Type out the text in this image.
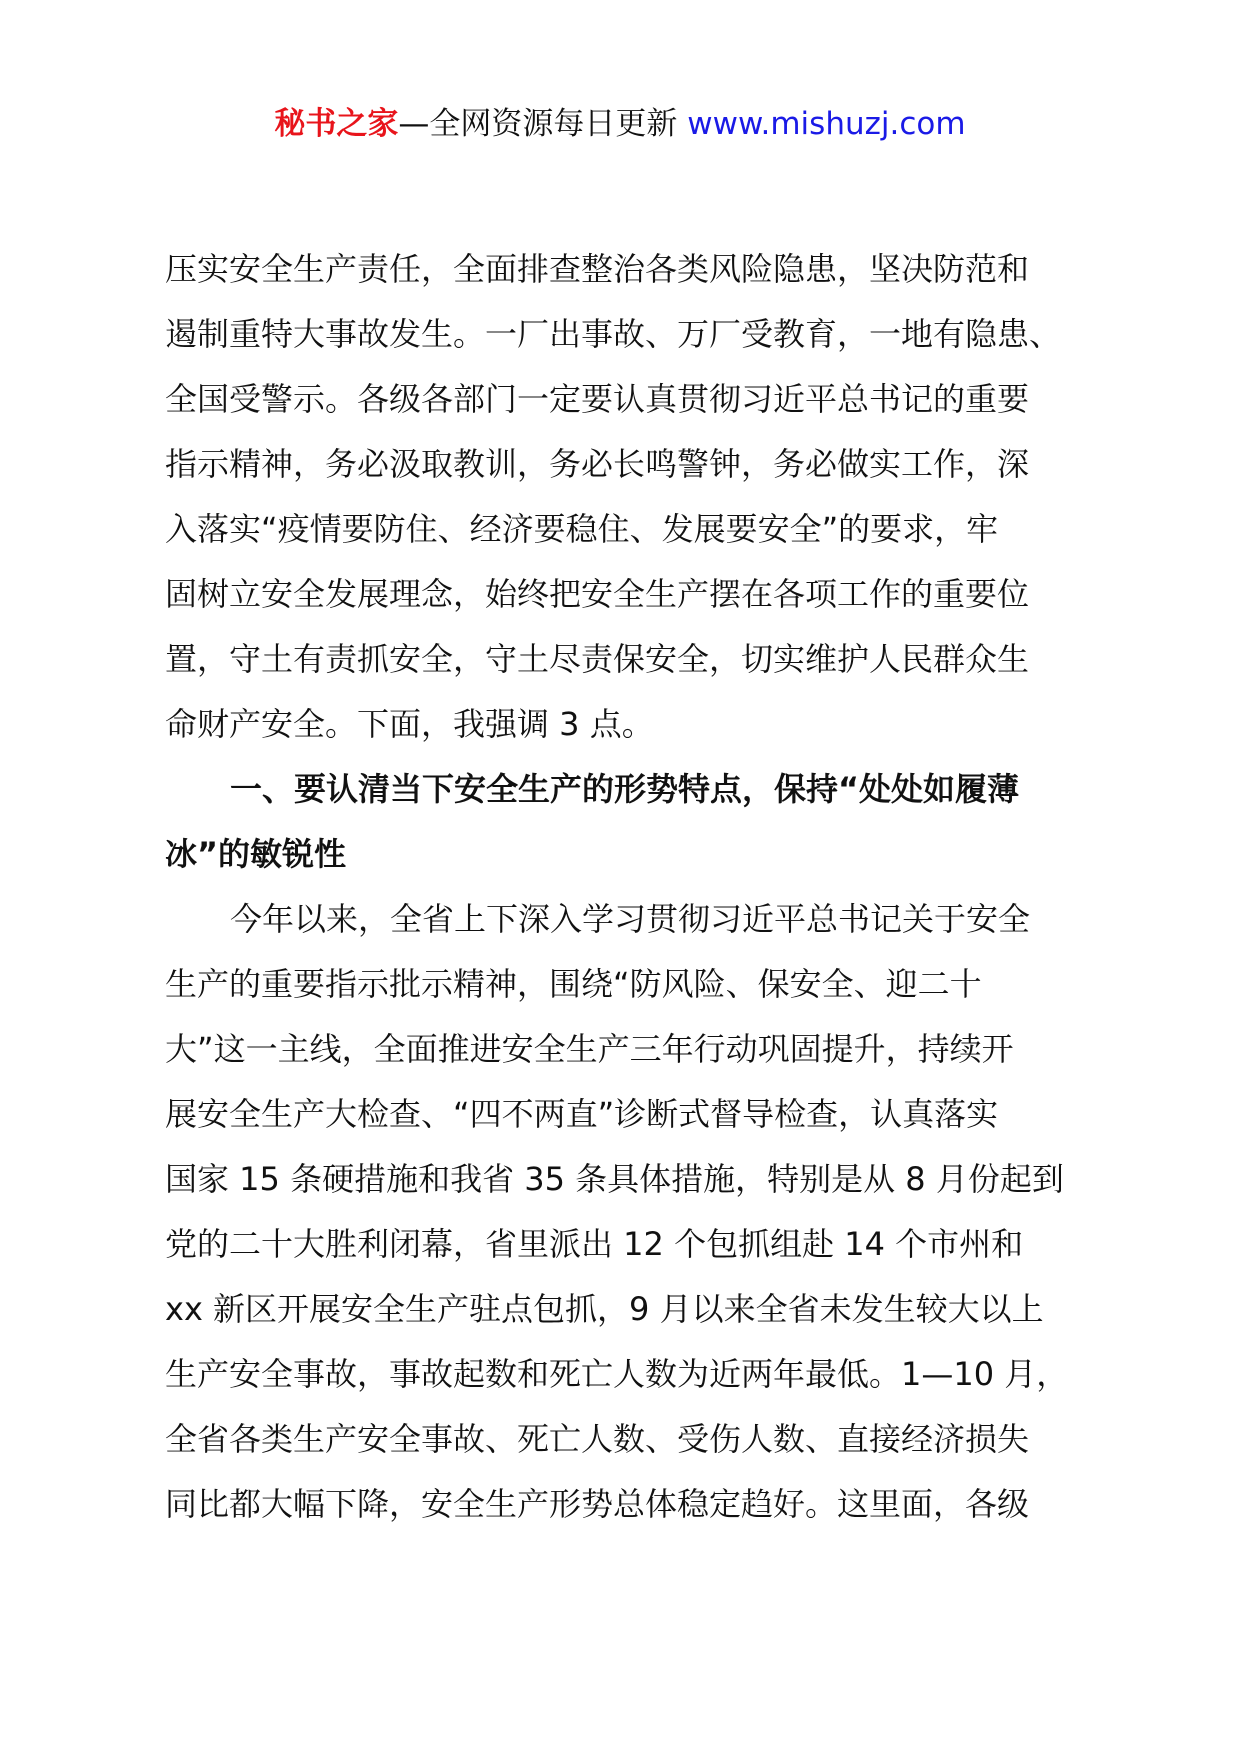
秘书之家—全网资源每日更新 www.mishuzj.com
压实安全生产责任，全面排查整治各类风险隐患，坚决防范和
遏制重特大事故发生。一厂出事故、万厂受教育，一地有隐患、
全国受警示。各级各部门一定要认真贯彻习近平总书记的重要
指示精神，务必汲取教训，务必长鸣警钟，务必做实工作，深
入落实“疫情要防住、经济要稳住、发展要安全”的要求，牢
固树立安全发展理念，始终把安全生产摆在各项工作的重要位
置，守土有责抓安全，守土尽责保安全，切实维护人民群众生
命财产安全。下面，我强调 3 点。
一、要认清当下安全生产的形势特点，保持“处处如履薄
冰”的敏锐性
今年以来，全省上下深入学习贯彻习近平总书记关于安全
生产的重要指示批示精神，围绕“防风险、保安全、迎二十
大”这一主线，全面推进安全生产三年行动巩固提升，持续开
展安全生产大检查、“四不两直”诊断式督导检查，认真落实
国家 15 条硬措施和我省 35 条具体措施，特别是从 8 月份起到
党的二十大胜利闭幕，省里派出 12 个包抓组赴 14 个市州和
xx 新区开展安全生产驻点包抓，9 月以来全省未发生较大以上
生产安全事故，事故起数和死亡人数为近两年最低。1—10 月，
全省各类生产安全事故、死亡人数、受伤人数、直接经济损失
同比都大幅下降，安全生产形势总体稳定趋好。这里面，各级
